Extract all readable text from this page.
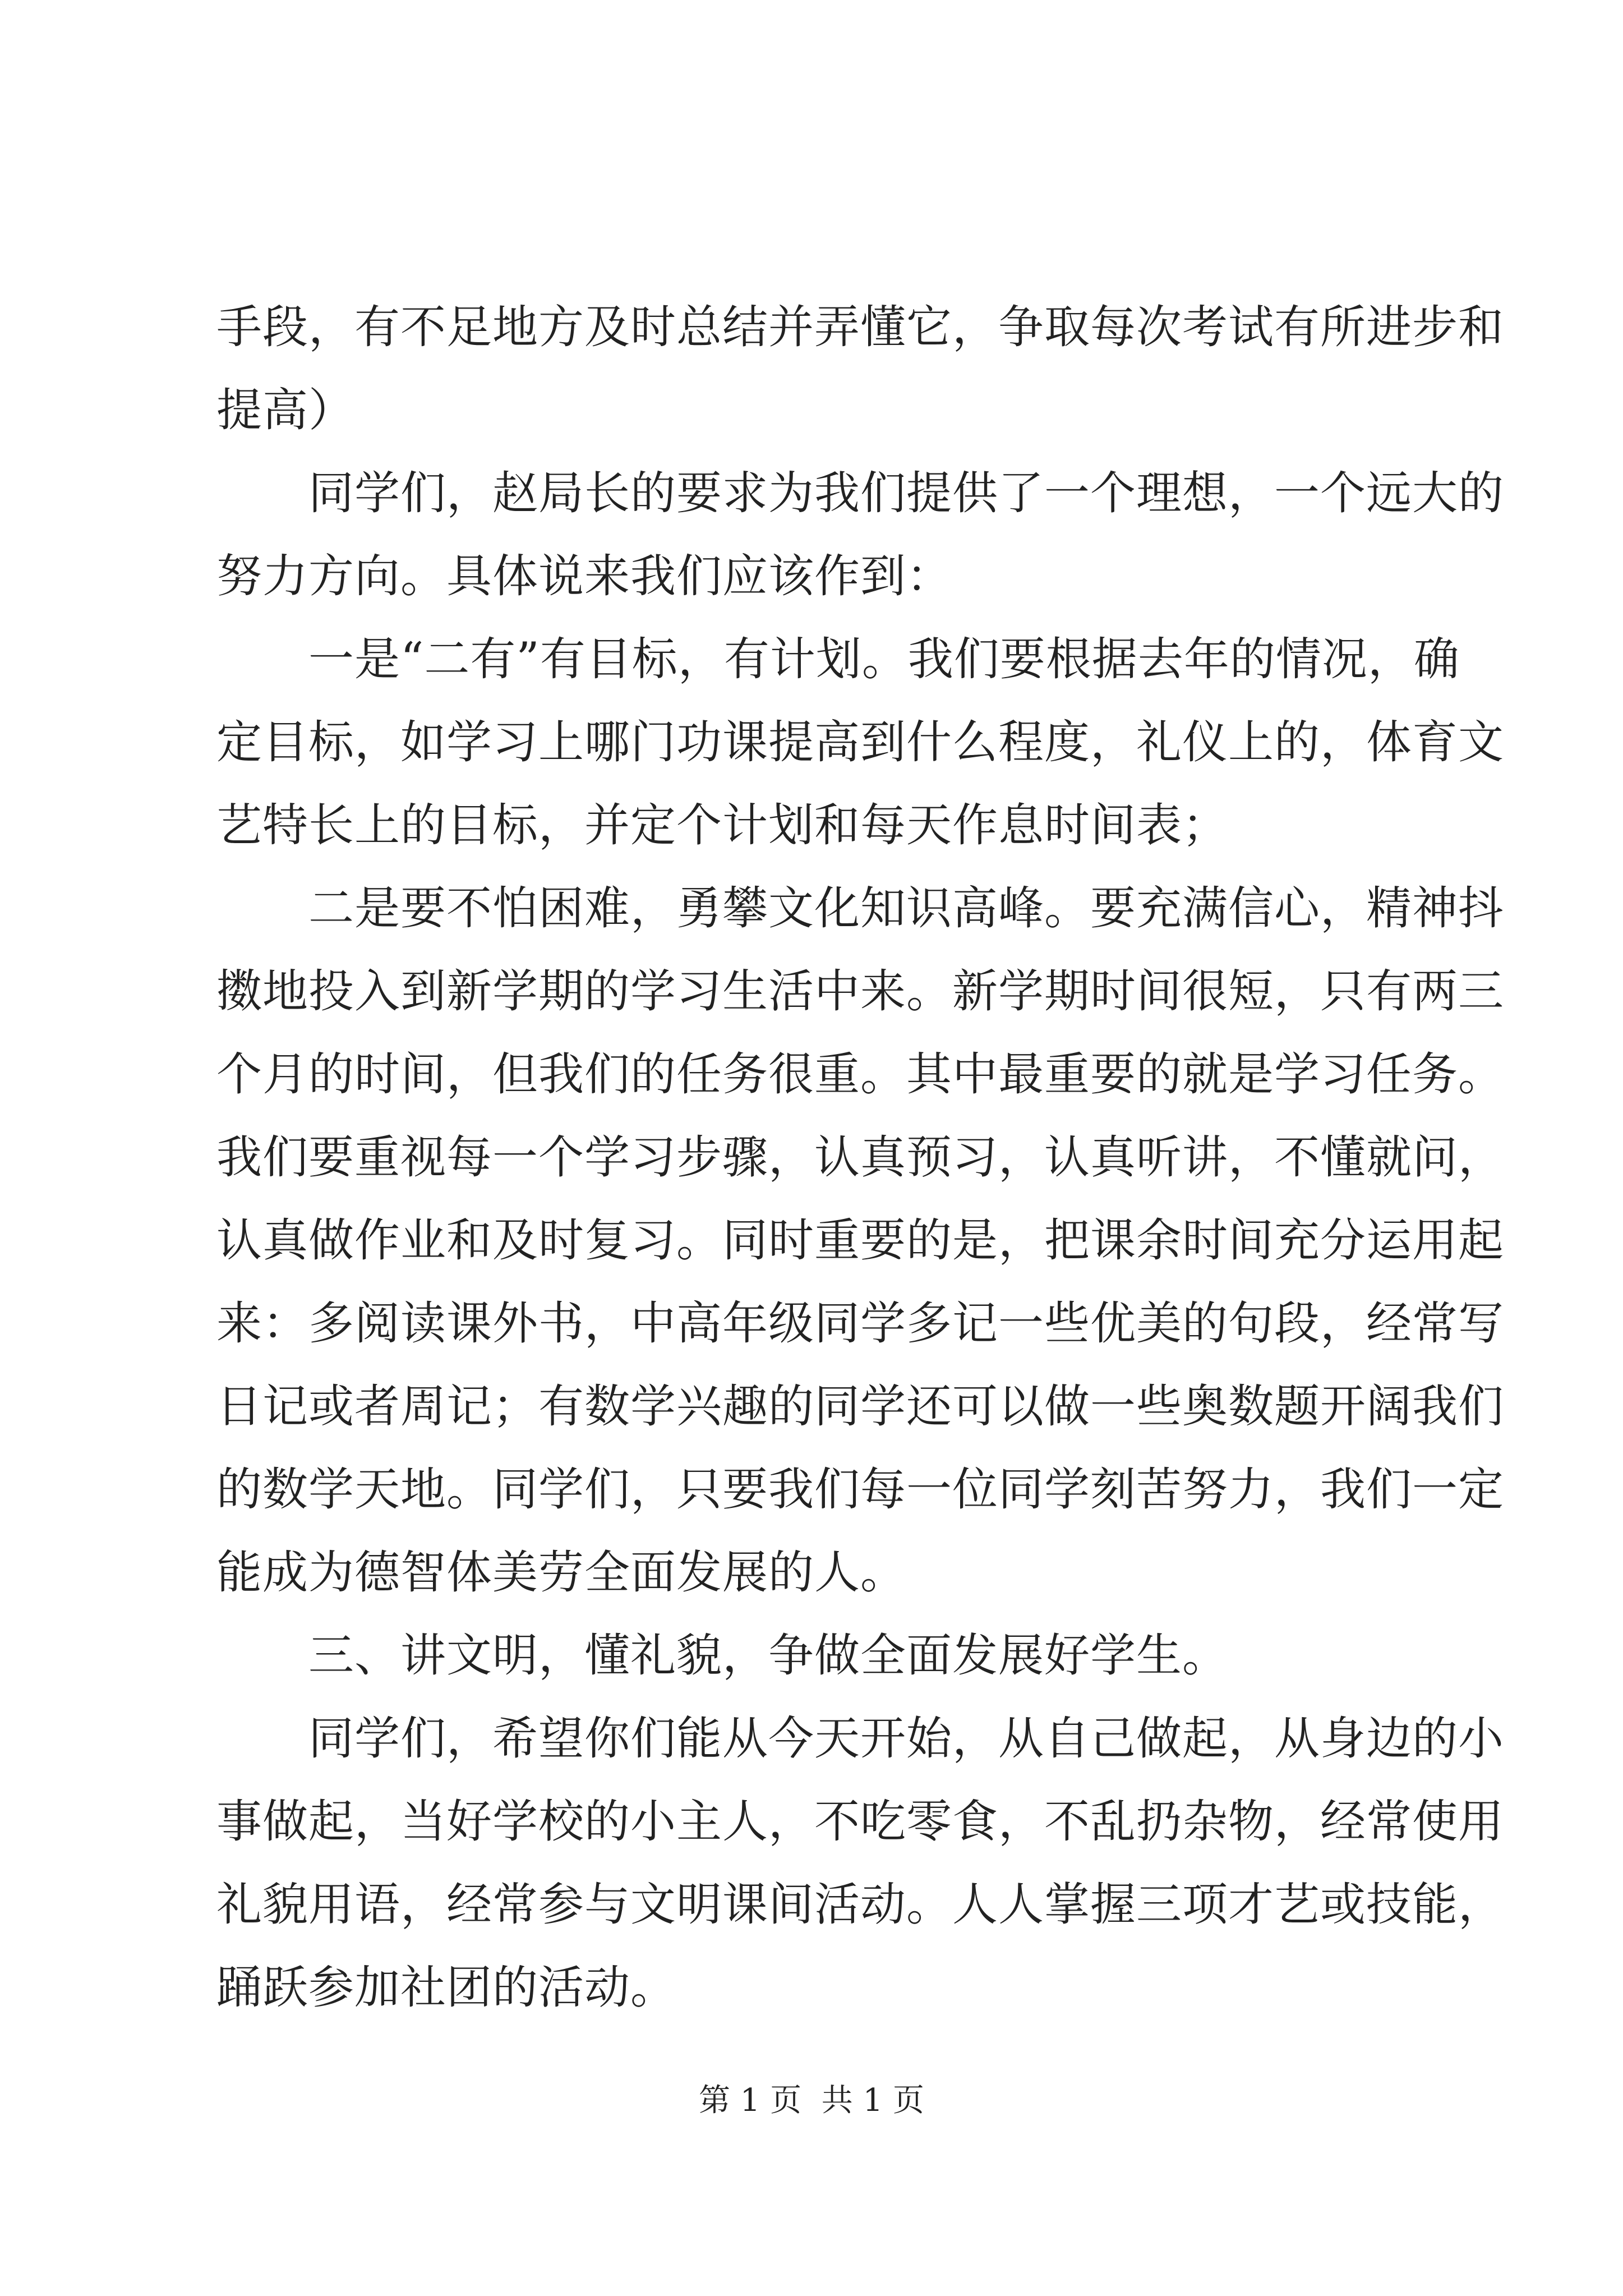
手段，有不足地方及时总结并弄懂它，争取每次考试有所进步和
提高）
　　同学们，赵局长的要求为我们提供了一个理想，一个远大的
努力方向。具体说来我们应该作到：
　　一是“二有”有目标，有计划。我们要根据去年的情况，确
定目标，如学习上哪门功课提高到什么程度，礼仪上的，体育文
艺特长上的目标，并定个计划和每天作息时间表；
　　二是要不怕困难，勇攀文化知识高峰。要充满信心，精神抖
擞地投入到新学期的学习生活中来。新学期时间很短，只有两三
个月的时间，但我们的任务很重。其中最重要的就是学习任务。
我们要重视每一个学习步骤，认真预习，认真听讲，不懂就问，
认真做作业和及时复习。同时重要的是，把课余时间充分运用起
来：多阅读课外书，中高年级同学多记一些优美的句段，经常写
日记或者周记；有数学兴趣的同学还可以做一些奥数题开阔我们
的数学天地。同学们，只要我们每一位同学刻苦努力，我们一定
能成为德智体美劳全面发展的人。
　　三、讲文明，懂礼貌，争做全面发展好学生。
　　同学们，希望你们能从今天开始，从自己做起，从身边的小
事做起，当好学校的小主人，不吃零食，不乱扔杂物，经常使用
礼貌用语，经常参与文明课间活动。人人掌握三项才艺或技能，
踊跃参加社团的活动。
第 1 页  共 1 页
